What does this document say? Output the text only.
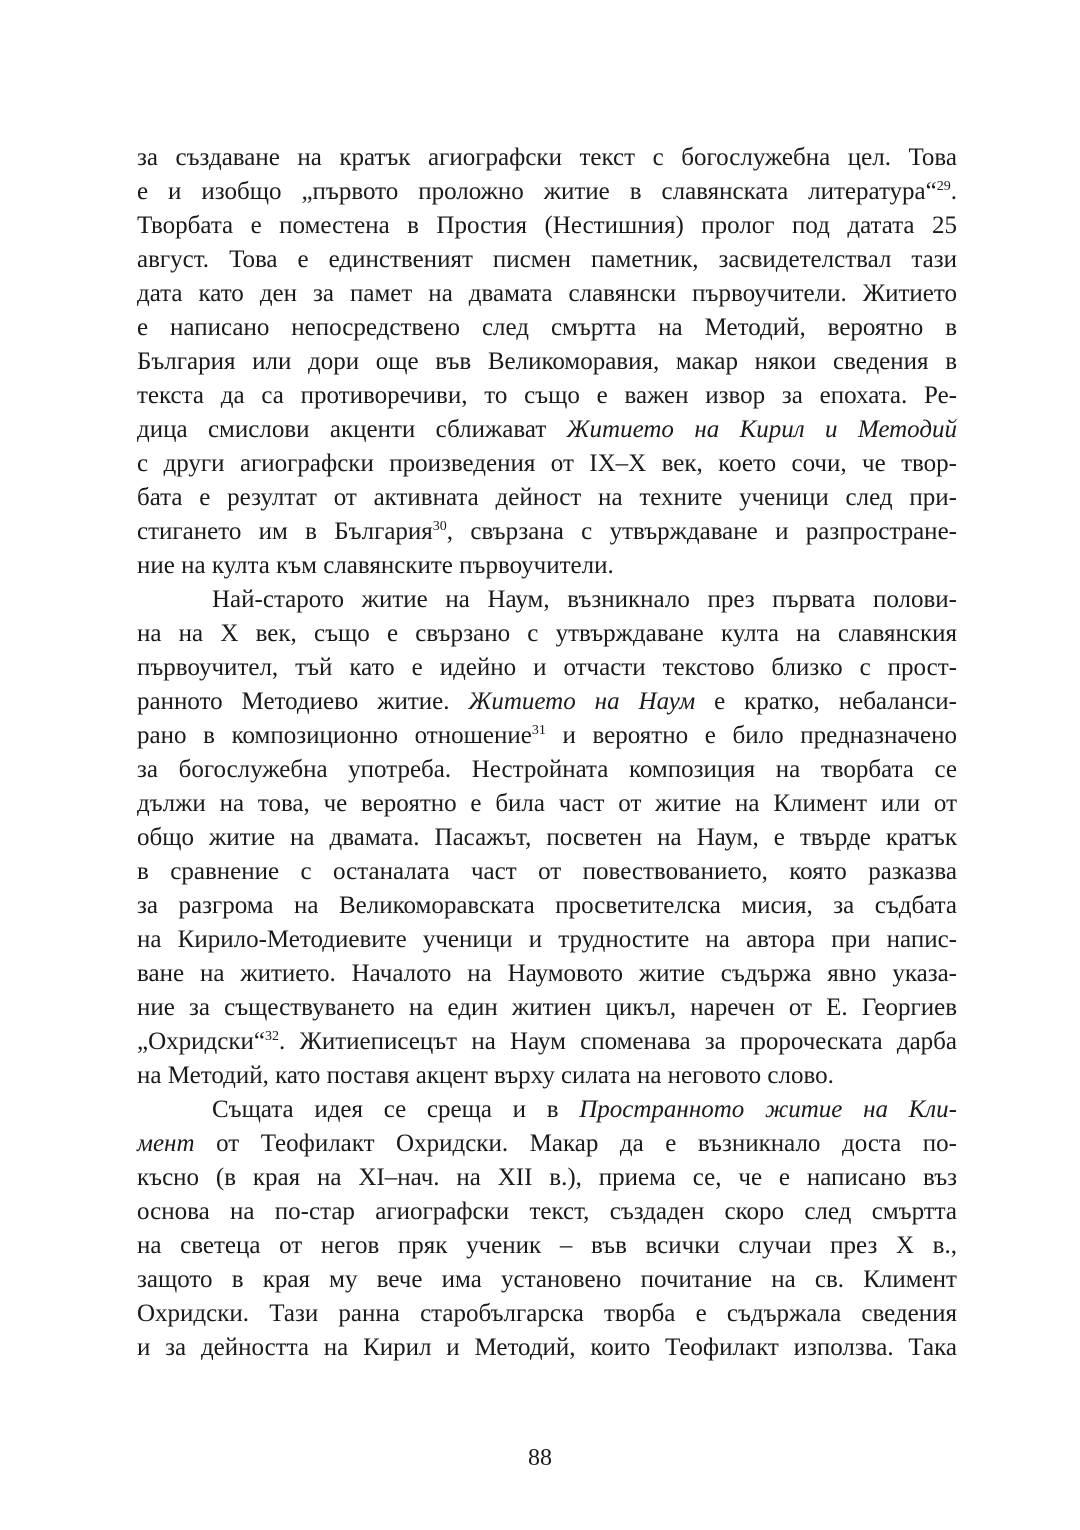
за създаване на кратък агиографски текст с богослужебна цел. Това
е и изобщо „първото проложно житие в славянската литература“$^{29}$.
Творбата е поместена в Простия (Нестишния) пролог под датата 25
август. Това е единственият писмен паметник, засвидетелствал тази
дата като ден за памет на двамата славянски първоучители. Житието
е написано непосредствено след смъртта на Методий, вероятно в
България или дори още във Великоморавия, макар някои сведения в
текста да са противоречиви, то също е важен извор за епохата. Ре-
дица смислови акценти сближават Житието на Кирил и Методий
с други агиографски произведения от IX–X век, което сочи, че твор-
бата е резултат от активната дейност на техните ученици след при-
стигането им в България$^{30}$, свързана с утвърждаване и разпростране-
ние на култа към славянските първоучители.
Най-старото житие на Наум, възникнало през първата полови-
на на X век, също е свързано с утвърждаване култа на славянския
първоучител, тъй като е идейно и отчасти текстово близко с прост-
ранното Методиево житие. Житието на Наум е кратко, небаланси-
рано в композиционно отношение$^{31}$ и вероятно е било предназначено
за богослужебна употреба. Нестройната композиция на творбата се
дължи на това, че вероятно е била част от житие на Климент или от
общо житие на двамата. Пасажът, посветен на Наум, е твърде кратък
в сравнение с останалата част от повествованието, която разказва
за разгрома на Великоморавската просветителска мисия, за съдбата
на Кирило-Методиевите ученици и трудностите на автора при напис-
ване на житието. Началото на Наумовото житие съдържа явно указа-
ние за съществуването на един житиен цикъл, наречен от Е. Георгиев
„Охридски“$^{32}$. Житиеписецът на Наум споменава за пророческата дарба
на Методий, като поставя акцент върху силата на неговото слово.
Същата идея се среща и в Пространното житие на Кли-
мент от Теофилакт Охридски. Макар да е възникнало доста по-
късно (в края на XI–нач. на XII в.), приема се, че е написано въз
основа на по-стар агиографски текст, създаден скоро след смъртта
на светеца от негов пряк ученик – във всички случаи през X в.,
защото в края му вече има установено почитание на св. Климент
Охридски. Тази ранна старобългарска творба е съдържала сведения
и за дейността на Кирил и Методий, които Теофилакт използва. Така
88
